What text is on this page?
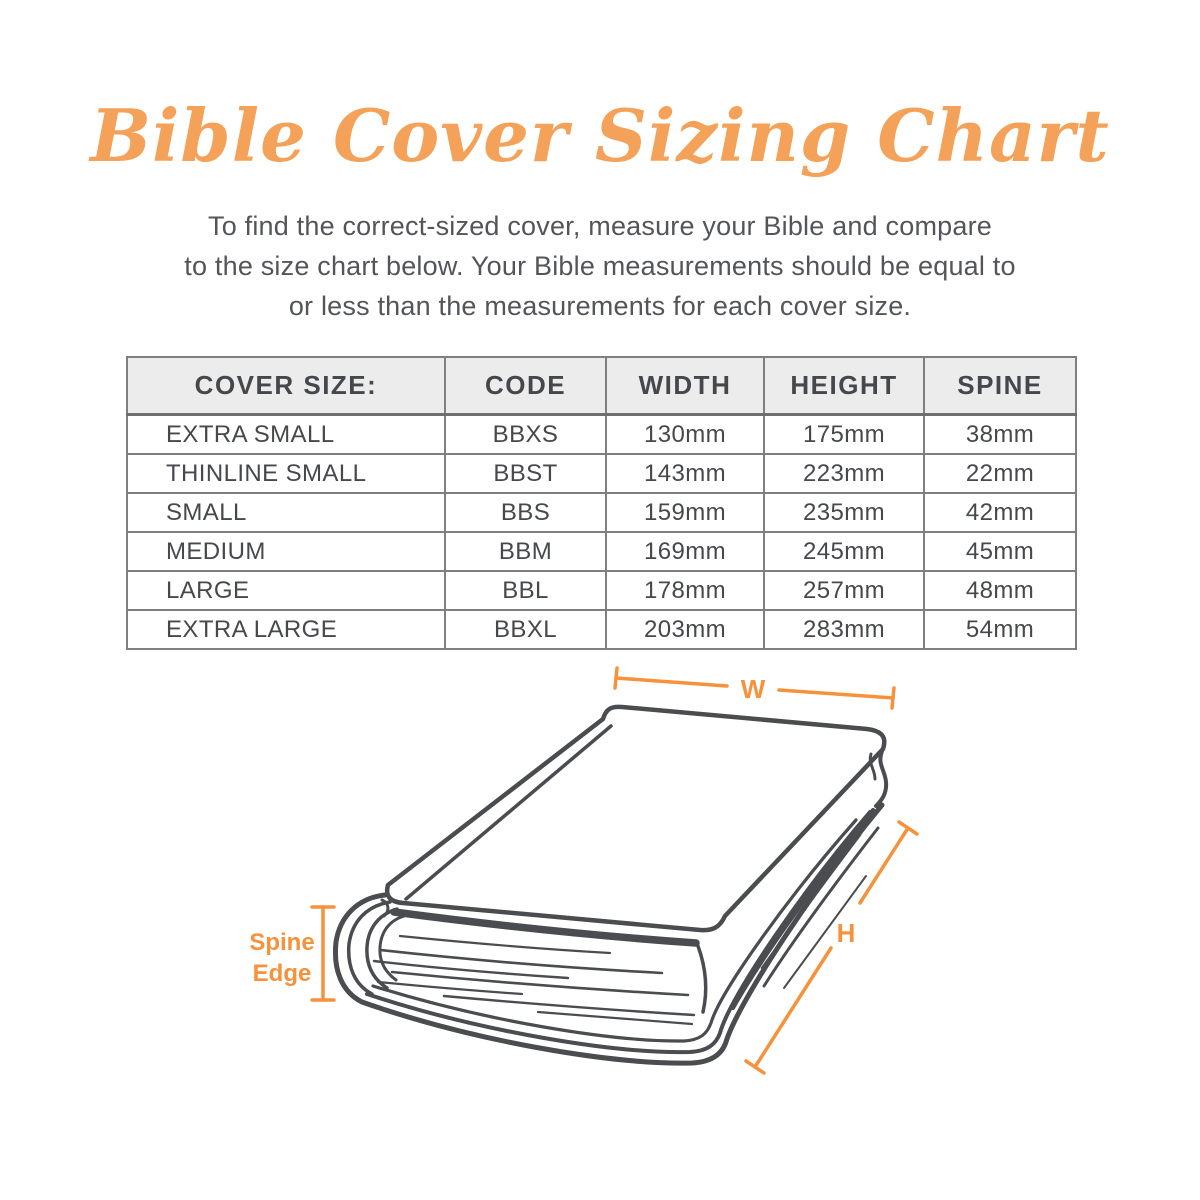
Bible Cover Sizing Chart
To find the correct-sized cover, measure your Bible and compare
to the size chart below. Your Bible measurements should be equal to
or less than the measurements for each cover size.
COVER SIZE:	CODE	WIDTH	HEIGHT	SPINE
EXTRA SMALL	BBXS	130mm	175mm	38mm
THINLINE SMALL	BBST	143mm	223mm	22mm
SMALL	BBS	159mm	235mm	42mm
MEDIUM	BBM	169mm	245mm	45mm
LARGE	BBL	178mm	257mm	48mm
EXTRA LARGE	BBXL	203mm	283mm	54mm
W
H
Spine
Edge
